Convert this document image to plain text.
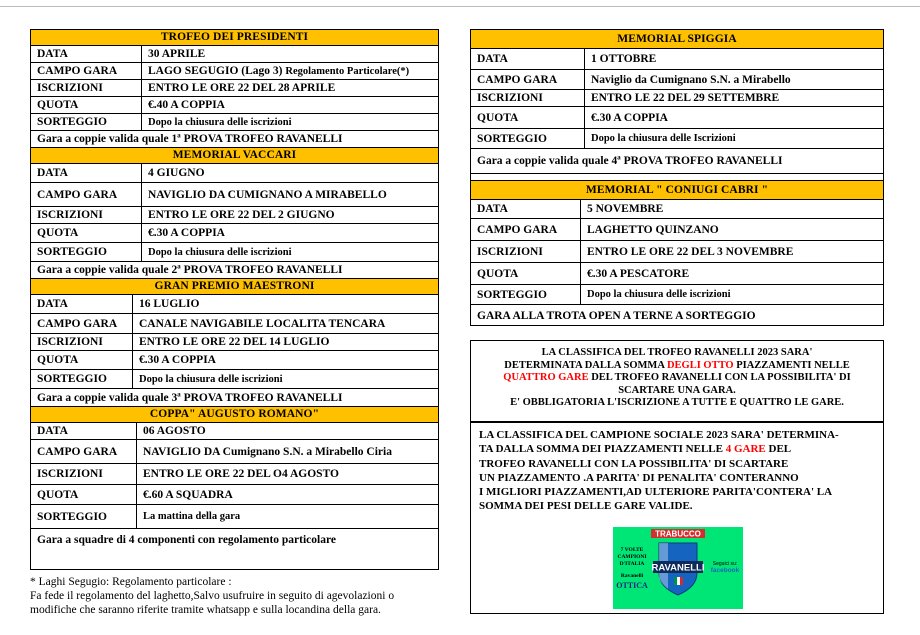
TROFEO DEI PRESIDENTI
DATA	30 APRILE
CAMPO GARA	LAGO SEGUGIO (Lago 3)
Regolamento Particolare(*)
ISCRIZIONI	ENTRO LE ORE 22 DEL 28 APRILE
QUOTA	€.40 A COPPIA
SORTEGGIO	Dopo la chiusura delle iscrizioni
Gara a coppie valida quale 1ª PROVA TROFEO RAVANELLI
MEMORIAL VACCARI
DATA	4 GIUGNO
CAMPO GARA	NAVIGLIO DA CUMIGNANO A MIRABELLO
ISCRIZIONI	ENTRO LE ORE 22 DEL 2 GIUGNO
QUOTA	€.30 A COPPIA
SORTEGGIO	Dopo la chiusura delle iscrizioni
Gara a coppie valida quale 2ª PROVA TROFEO RAVANELLI
GRAN PREMIO MAESTRONI
DATA	16 LUGLIO
CAMPO GARA	CANALE NAVIGABILE LOCALITA TENCARA
ISCRIZIONI	ENTRO LE ORE 22 DEL 14 LUGLIO
QUOTA	€.30 A COPPIA
SORTEGGIO	Dopo la chiusura delle iscrizioni
Gara a coppie valida quale 3ª PROVA TROFEO RAVANELLI
COPPA" AUGUSTO ROMANO"
DATA	06 AGOSTO
CAMPO GARA	NAVIGLIO DA Cumignano S.N. a Mirabello Ciria
ISCRIZIONI	ENTRO LE ORE 22 DEL O4 AGOSTO
QUOTA	€.60 A SQUADRA
SORTEGGIO	La mattina della gara
Gara a squadre di 4 componenti con regolamento particolare
* Laghi Segugio: Regolamento particolare :
Fa fede il regolamento del laghetto,Salvo usufruire in seguito di agevolazioni o
modifiche che saranno riferite tramite whatsapp e sulla locandina della gara.
MEMORIAL SPIGGIA
DATA	1 OTTOBRE
CAMPO GARA	Naviglio da Cumignano S.N. a Mirabello
ISCRIZIONI	ENTRO LE 22 DEL 29 SETTEMBRE
QUOTA	€.30 A COPPIA
SORTEGGIO	Dopo la chiusura delle Iscrizioni
Gara a coppie valida quale 4ª PROVA TROFEO RAVANELLI
MEMORIAL " CONIUGI CABRI "
DATA	5 NOVEMBRE
CAMPO GARA	LAGHETTO QUINZANO
ISCRIZIONI	ENTRO LE ORE 22 DEL 3 NOVEMBRE
QUOTA	€.30 A PESCATORE
SORTEGGIO	Dopo la chiusura delle iscrizioni
GARA ALLA TROTA OPEN A TERNE A SORTEGGIO
LA CLASSIFICA DEL TROFEO RAVANELLI 2023 SARA'
DETERMINATA DALLA SOMMA DEGLI OTTO PIAZZAMENTI NELLE
QUATTRO GARE DEL TROFEO RAVANELLI CON LA POSSIBILITA' DI
SCARTARE UNA GARA.
E' OBBLIGATORIA L'ISCRIZIONE A TUTTE E QUATTRO LE GARE.
LA CLASSIFICA DEL CAMPIONE SOCIALE 2023 SARA' DETERMINA-
TA DALLA SOMMA DEI PIAZZAMENTI NELLE 4 GARE DEL
TROFEO RAVANELLI CON LA POSSIBILITA' DI SCARTARE
UN PIAZZAMENTO .A PARITA' DI PENALITA' CONTERANNO
I MIGLIORI PIAZZAMENTI,AD ULTERIORE PARITA'CONTERA' LA
SOMMA DEI PESI DELLE GARE VALIDE.
TRABUCCO
RAVANELLI
7 VOLTE
CAMPIONI
D'ITALIA
Ravanelli
OTTICA
Seguici su:
facebook
